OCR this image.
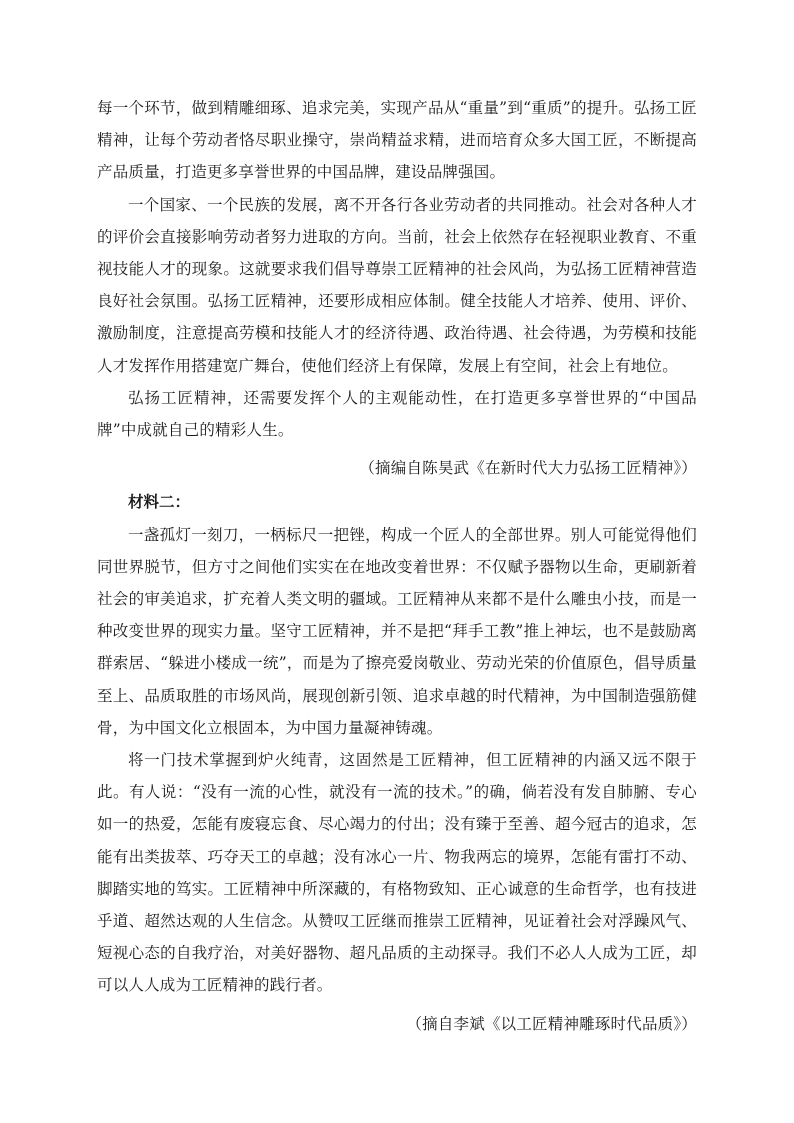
每一个环节，做到精雕细琢、追求完美，实现产品从“重量”到“重质”的提升。弘扬工匠精神，让每个劳动者恪尽职业操守，崇尚精益求精，进而培育众多大国工匠，不断提高产品质量，打造更多享誉世界的中国品牌，建设品牌强国。

一个国家、一个民族的发展，离不开各行各业劳动者的共同推动。社会对各种人才的评价会直接影响劳动者努力进取的方向。当前，社会上依然存在轻视职业教育、不重视技能人才的现象。这就要求我们倡导尊崇工匠精神的社会风尚，为弘扬工匠精神营造良好社会氛围。弘扬工匠精神，还要形成相应体制。健全技能人才培养、使用、评价、激励制度，注意提高劳模和技能人才的经济待遇、政治待遇、社会待遇，为劳模和技能人才发挥作用搭建宽广舞台，使他们经济上有保障，发展上有空间，社会上有地位。

弘扬工匠精神，还需要发挥个人的主观能动性，在打造更多享誉世界的“中国品牌”中成就自己的精彩人生。

（摘编自陈昊武《在新时代大力弘扬工匠精神》）

材料二：

一盏孤灯一刻刀，一柄标尺一把锉，构成一个匠人的全部世界。别人可能觉得他们同世界脱节，但方寸之间他们实实在在地改变着世界：不仅赋予器物以生命，更刷新着社会的审美追求，扩充着人类文明的疆域。工匠精神从来都不是什么雕虫小技，而是一种改变世界的现实力量。坚守工匠精神，并不是把“拜手工教”推上神坛，也不是鼓励离群索居、“躲进小楼成一统”，而是为了擦亮爱岗敬业、劳动光荣的价值原色，倡导质量至上、品质取胜的市场风尚，展现创新引领、追求卓越的时代精神，为中国制造强筋健骨，为中国文化立根固本，为中国力量凝神铸魂。

将一门技术掌握到炉火纯青，这固然是工匠精神，但工匠精神的内涵又远不限于此。有人说：“没有一流的心性，就没有一流的技术。”的确，倘若没有发自肺腑、专心如一的热爱，怎能有废寝忘食、尽心竭力的付出；没有臻于至善、超今冠古的追求，怎能有出类拔萃、巧夺天工的卓越；没有冰心一片、物我两忘的境界，怎能有雷打不动、脚踏实地的笃实。工匠精神中所深藏的，有格物致知、正心诚意的生命哲学，也有技进乎道、超然达观的人生信念。从赞叹工匠继而推崇工匠精神，见证着社会对浮躁风气、短视心态的自我疗治，对美好器物、超凡品质的主动探寻。我们不必人人成为工匠，却可以人人成为工匠精神的践行者。

（摘自李斌《以工匠精神雕琢时代品质》）
